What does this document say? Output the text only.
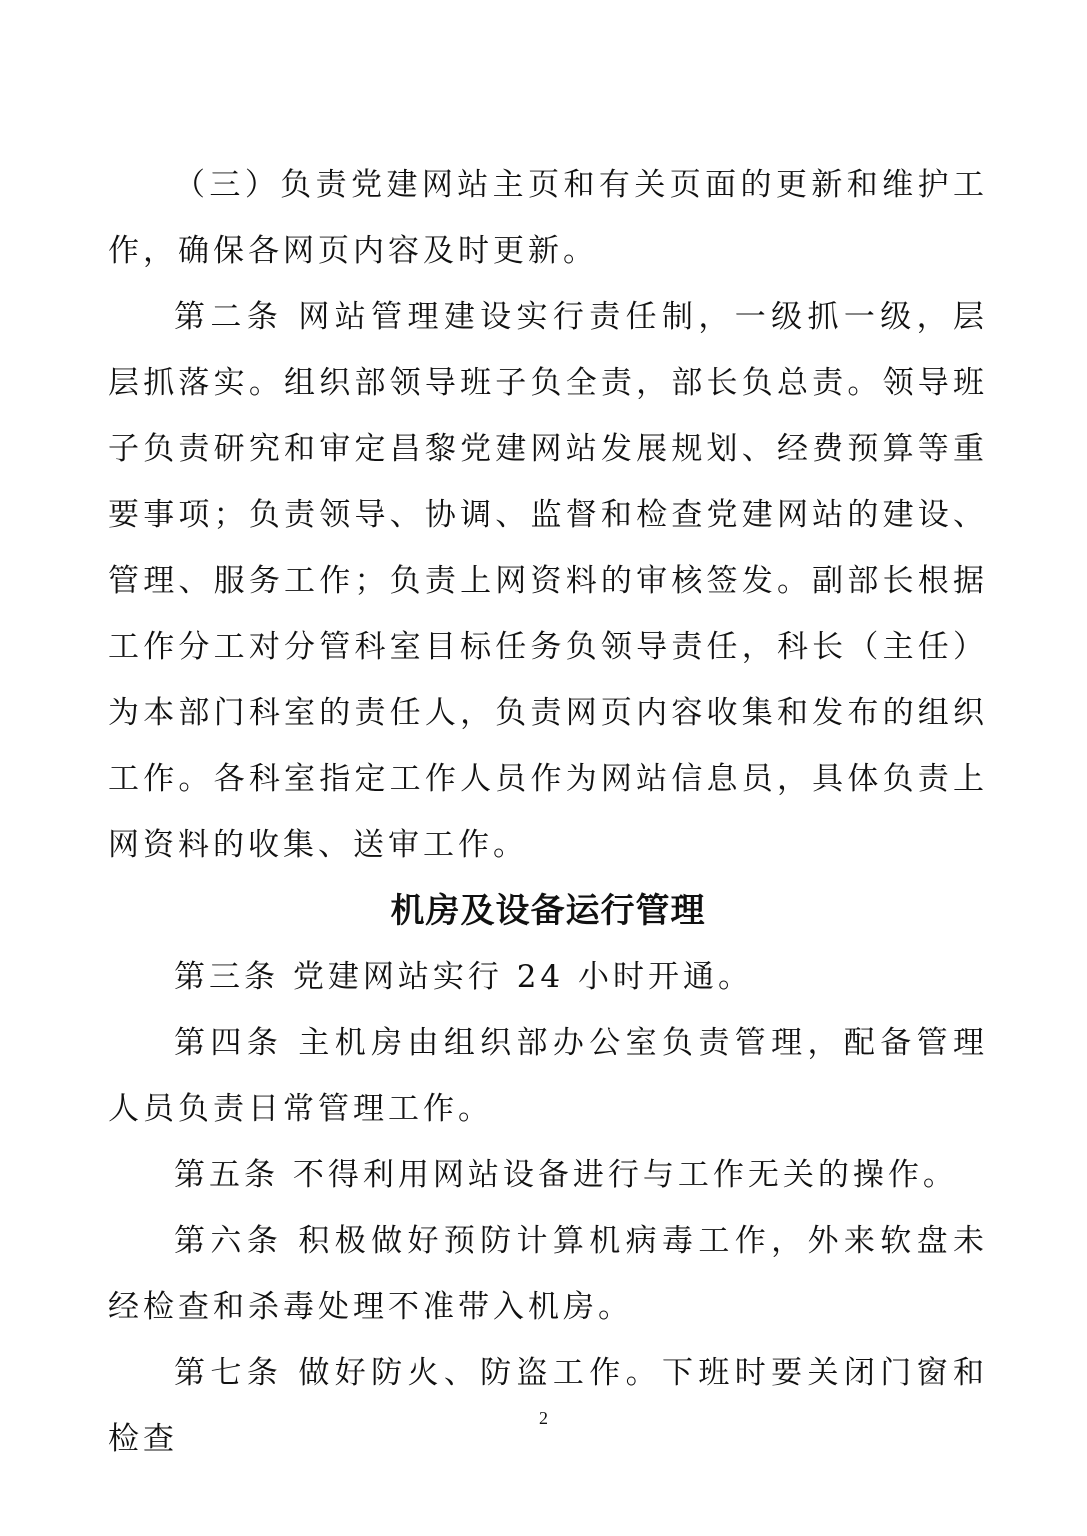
（三）负责党建网站主页和有关页面的更新和维护工作，确保各网页内容及时更新。

第二条 网站管理建设实行责任制，一级抓一级，层层抓落实。组织部领导班子负全责，部长负总责。领导班子负责研究和审定昌黎党建网站发展规划、经费预算等重要事项；负责领导、协调、监督和检查党建网站的建设、管理、服务工作；负责上网资料的审核签发。副部长根据工作分工对分管科室目标任务负领导责任，科长（主任）为本部门科室的责任人，负责网页内容收集和发布的组织工作。各科室指定工作人员作为网站信息员，具体负责上网资料的收集、送审工作。

机房及设备运行管理

第三条 党建网站实行 24 小时开通。

第四条 主机房由组织部办公室负责管理，配备管理人员负责日常管理工作。

第五条 不得利用网站设备进行与工作无关的操作。

第六条 积极做好预防计算机病毒工作，外来软盘未经检查和杀毒处理不准带入机房。

第七条 做好防火、防盗工作。下班时要关闭门窗和检查

2
